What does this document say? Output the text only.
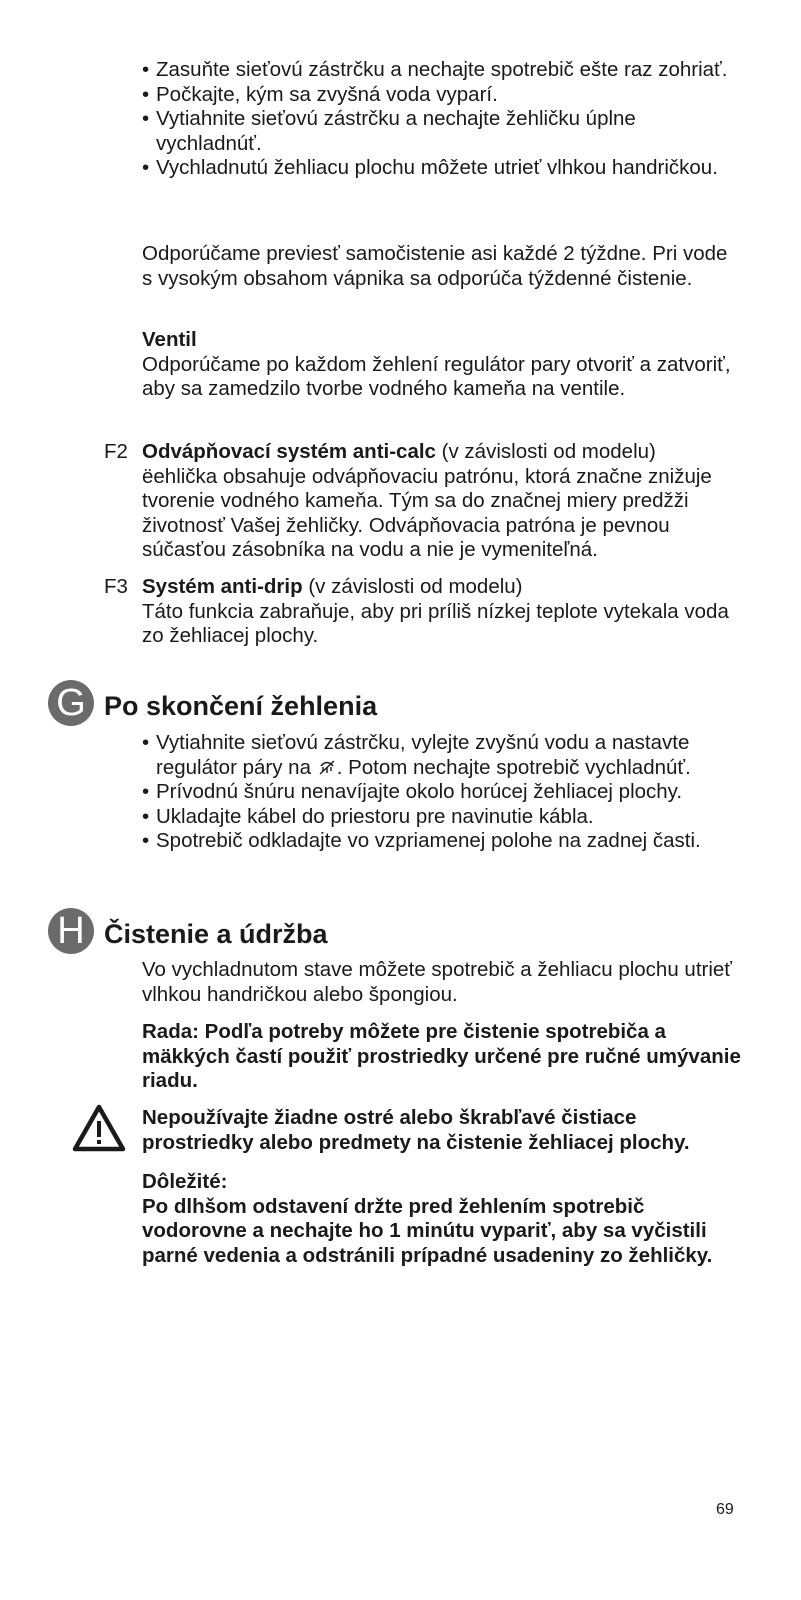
• Zasuňte sieťovú zástrčku a nechajte spotrebič ešte raz zohriať.
• Počkajte, kým sa zvyšná voda vyparí.
• Vytiahnite sieťovú zástrčku a nechajte žehličku úplne vychladnúť.
• Vychladnutú žehliacu plochu môžete utrieť vlhkou handričkou.

Odporúčame previesť samočistenie asi každé 2 týždne. Pri vode s vysokým obsahom vápnika sa odporúča týždenné čistenie.

Ventil

Odporúčame po každom žehlení regulátor pary otvoriť a zatvoriť, aby sa zamedzilo tvorbe vodného kameňa na ventile.

F2 Odvápňovací systém anti-calc (v závislosti od modelu)

ëehlička obsahuje odvápňovaciu patrónu, ktorá značne znižuje tvorenie vodného kameňa. Tým sa do značnej miery predžži životnosť Vašej žehličky. Odvápňovacia patróna je pevnou súčasťou zásobníka na vodu a nie je vymeniteľná.

F3 Systém anti-drip (v závislosti od modelu)

Táto funkcia zabraňuje, aby pri príliš nízkej teplote vytekala voda zo žehliacej plochy.

G Po skončení žehlenia
• Vytiahnite sieťovú zástrčku, vylejte zvyšnú vodu a nastavte regulátor páry na . Potom nechajte spotrebič vychladnúť.
• Prívodnú šnúru nenavíjajte okolo horúcej žehliacej plochy.
• Ukladajte kábel do priestoru pre navinutie kábla.
• Spotrebič odkladajte vo vzpriamenej polohe na zadnej časti.
H Čistenie a údržba

Vo vychladnutom stave môžete spotrebič a žehliacu plochu utrieť vlhkou handričkou alebo špongiou.

Rada: Podľa potreby môžete pre čistenie spotrebiča a mäkkých častí použiť prostriedky určené pre ručné umývanie riadu.

Nepoužívajte žiadne ostré alebo škrabľavé čistiace prostriedky alebo predmety na čistenie žehliacej plochy.

Dôležité:

Po dlhšom odstavení držte pred žehlením spotrebič vodorovne a nechajte ho 1 minútu vypariť, aby sa vyčistili parné vedenia a odstránili prípadné usadeniny zo žehličky.

69
